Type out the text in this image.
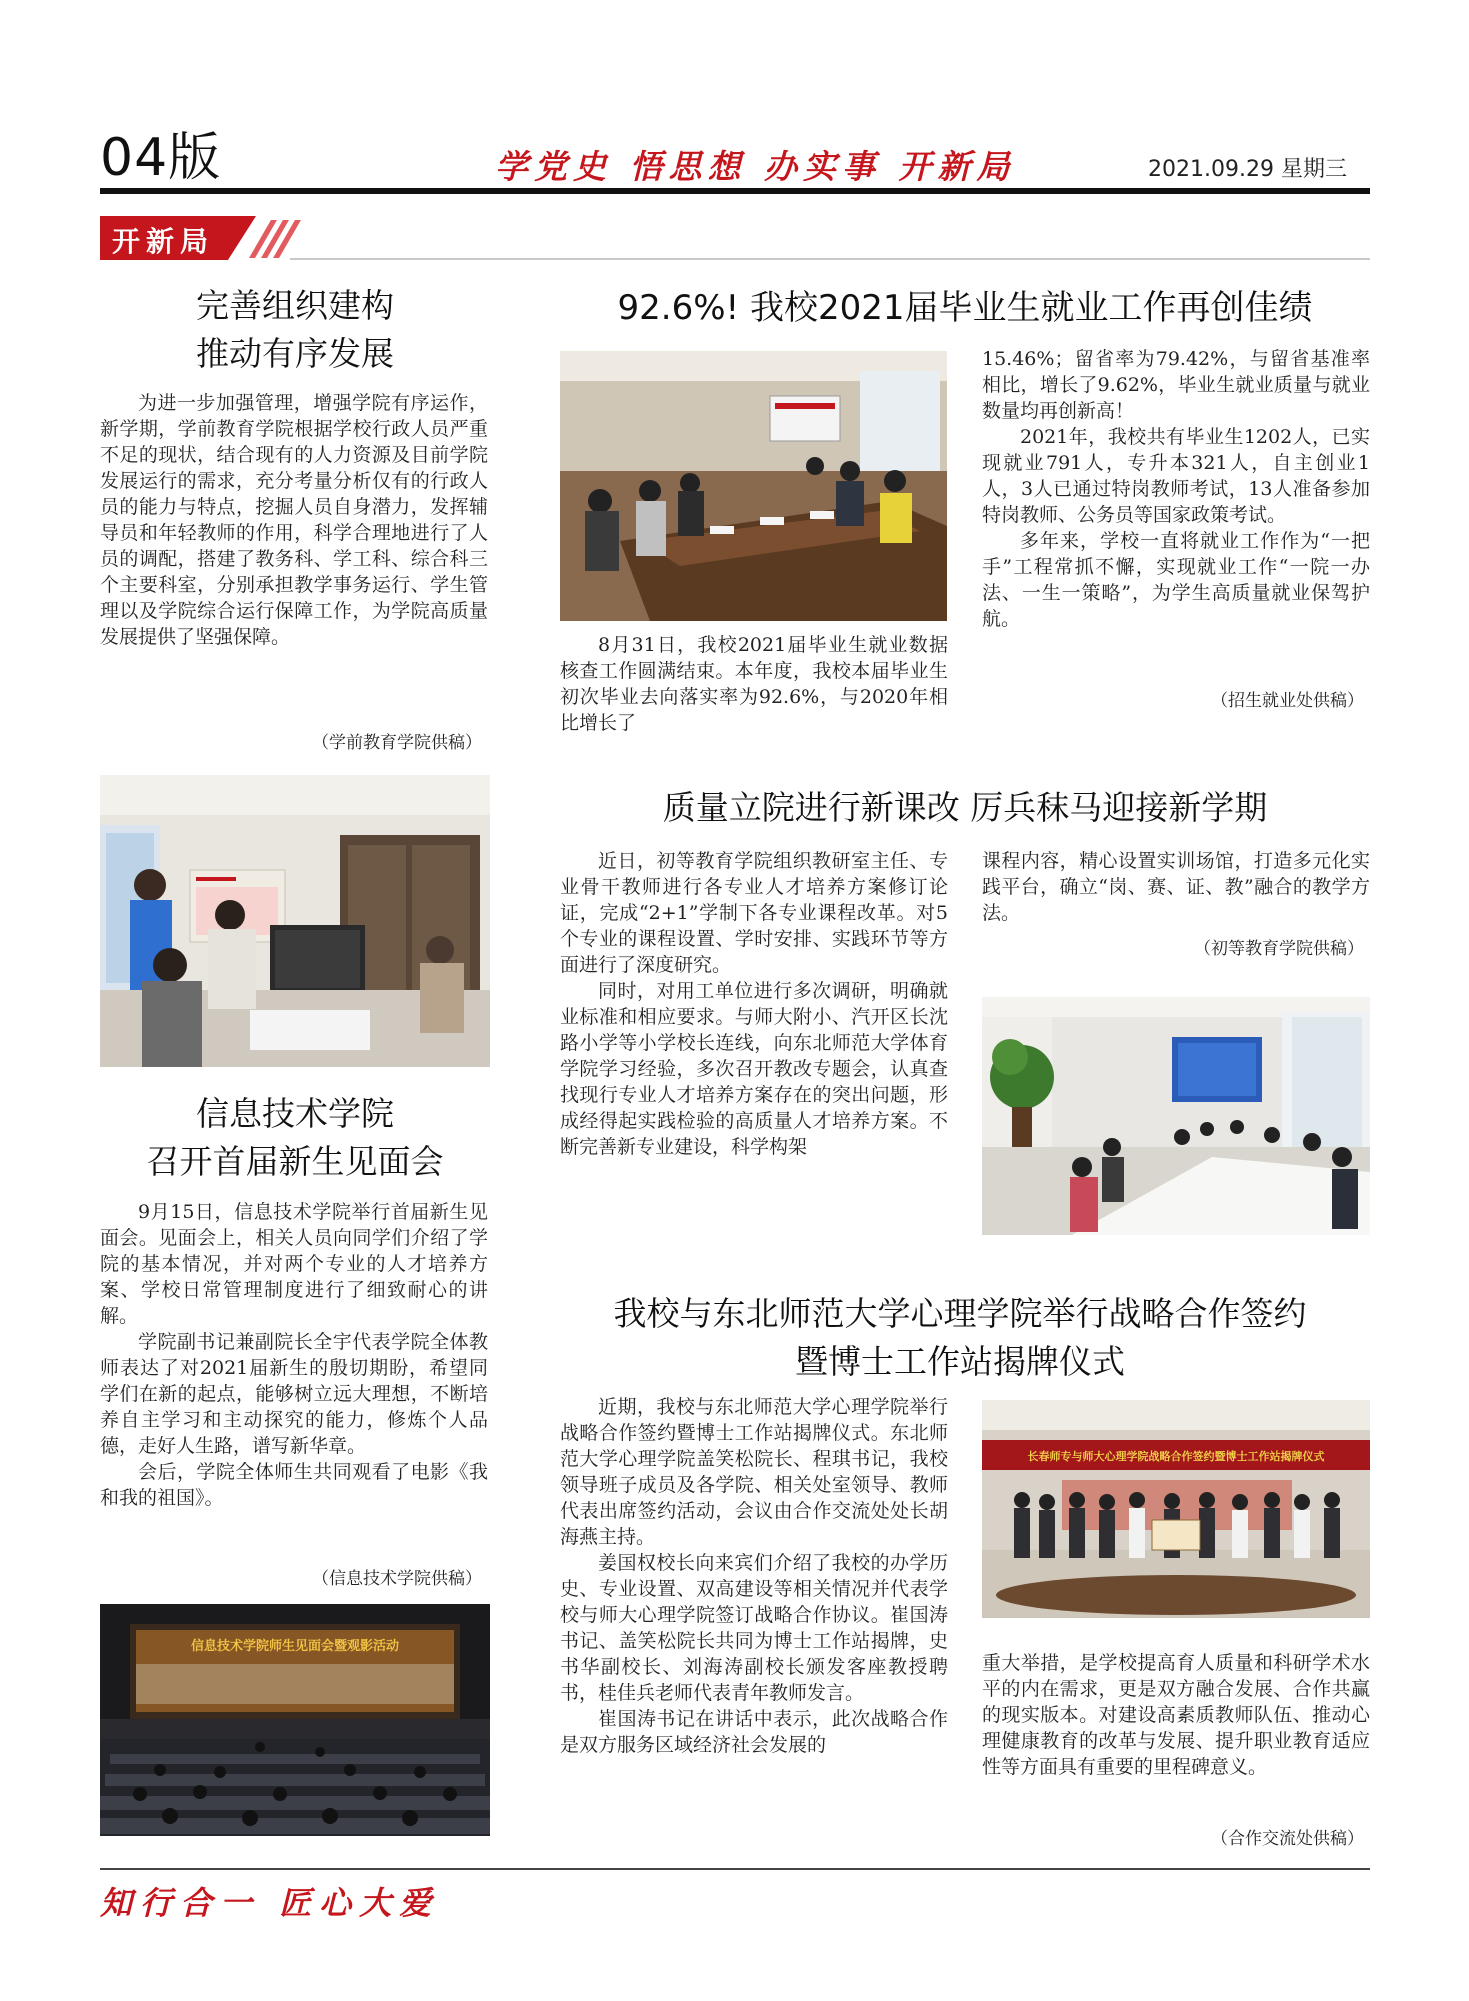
04版	学党史 悟思想 办实事 开新局	2021.09.29 星期三
开新局
完善组织建构
推动有序发展

为进一步加强管理，增强学院有序运作，新学期，学前教育学院根据学校行政人员严重不足的现状，结合现有的人力资源及目前学院发展运行的需求，充分考量分析仅有的行政人员的能力与特点，挖掘人员自身潜力，发挥辅导员和年轻教师的作用，科学合理地进行了人员的调配，搭建了教务科、学工科、综合科三个主要科室，分别承担教学事务运行、学生管理以及学院综合运行保障工作，为学院高质量发展提供了坚强保障。

（学前教育学院供稿）
信息技术学院
召开首届新生见面会

9月15日，信息技术学院举行首届新生见面会。见面会上，相关人员向同学们介绍了学院的基本情况，并对两个专业的人才培养方案、学校日常管理制度进行了细致耐心的讲解。

学院副书记兼副院长全宇代表学院全体教师表达了对2021届新生的殷切期盼，希望同学们在新的起点，能够树立远大理想，不断培养自主学习和主动探究的能力，修炼个人品德，走好人生路，谱写新华章。

会后，学院全体师生共同观看了电影《我和我的祖国》。

（信息技术学院供稿）
信息技术学院师生见面会暨观影活动
92.6%! 我校2021届毕业生就业工作再创佳绩

8月31日，我校2021届毕业生就业数据核查工作圆满结束。本年度，我校本届毕业生初次毕业去向落实率为92.6%，与2020年相比增长了

15.46%；留省率为79.42%，与留省基准率相比，增长了9.62%，毕业生就业质量与就业数量均再创新高！

2021年，我校共有毕业生1202人，已实现就业791人，专升本321人，自主创业1人，3人已通过特岗教师考试，13人准备参加特岗教师、公务员等国家政策考试。

多年来，学校一直将就业工作作为“一把手”工程常抓不懈，实现就业工作“一院一办法、一生一策略”，为学生高质量就业保驾护航。

（招生就业处供稿）
质量立院进行新课改 厉兵秣马迎接新学期

近日，初等教育学院组织教研室主任、专业骨干教师进行各专业人才培养方案修订论证，完成“2+1”学制下各专业课程改革。对5个专业的课程设置、学时安排、实践环节等方面进行了深度研究。

同时，对用工单位进行多次调研，明确就业标准和相应要求。与师大附小、汽开区长沈路小学等小学校长连线，向东北师范大学体育学院学习经验，多次召开教改专题会，认真查找现行专业人才培养方案存在的突出问题，形成经得起实践检验的高质量人才培养方案。不断完善新专业建设，科学构架

课程内容，精心设置实训场馆，打造多元化实践平台，确立“岗、赛、证、教”融合的教学方法。

（初等教育学院供稿）
我校与东北师范大学心理学院举行战略合作签约
暨博士工作站揭牌仪式

近期，我校与东北师范大学心理学院举行战略合作签约暨博士工作站揭牌仪式。东北师范大学心理学院盖笑松院长、程琪书记，我校领导班子成员及各学院、相关处室领导、教师代表出席签约活动，会议由合作交流处处长胡海燕主持。

姜国权校长向来宾们介绍了我校的办学历史、专业设置、双高建设等相关情况并代表学校与师大心理学院签订战略合作协议。崔国涛书记、盖笑松院长共同为博士工作站揭牌，史书华副校长、刘海涛副校长颁发客座教授聘书，桂佳兵老师代表青年教师发言。

崔国涛书记在讲话中表示，此次战略合作是双方服务区域经济社会发展的

长春师专与师大心理学院战略合作签约暨博士工作站揭牌仪式

重大举措，是学校提高育人质量和科研学术水平的内在需求，更是双方融合发展、合作共赢的现实版本。对建设高素质教师队伍、推动心理健康教育的改革与发展、提升职业教育适应性等方面具有重要的里程碑意义。

（合作交流处供稿）
知行合一 匠心大爱
